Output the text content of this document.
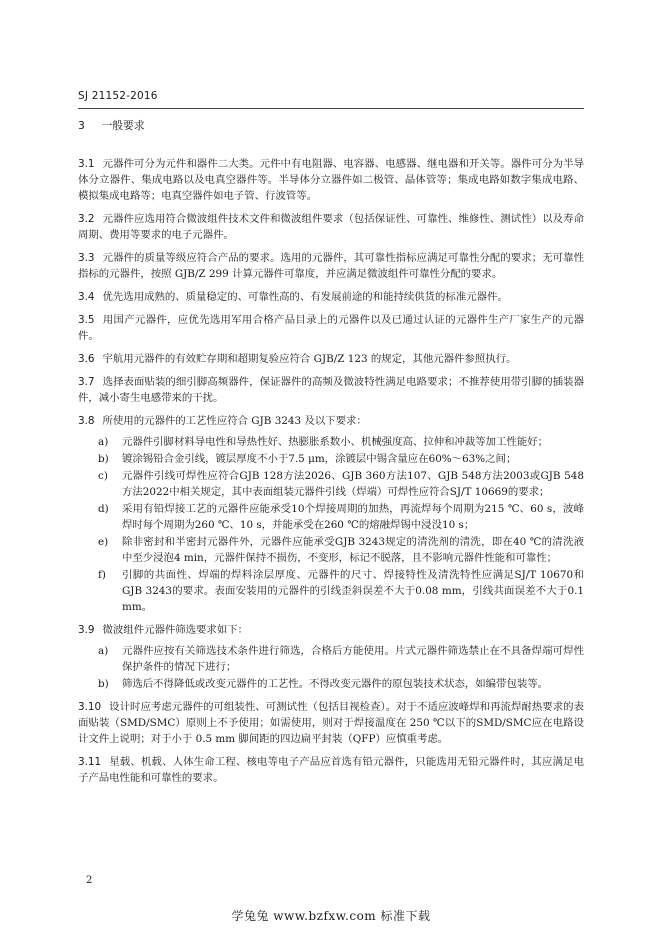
SJ 21152-2016
3 一般要求

3.1 元器件可分为元件和器件二大类。元件中有电阻器、电容器、电感器、继电器和开关等。器件可分为半导体分立器件、集成电路以及电真空器件等。半导体分立器件如二极管、晶体管等；集成电路如数字集成电路、模拟集成电路等；电真空器件如电子管、行波管等。

3.2 元器件应选用符合微波组件技术文件和微波组件要求（包括保证性、可靠性、维修性、测试性）以及寿命周期、费用等要求的电子元器件。

3.3 元器件的质量等级应符合产品的要求。选用的元器件，其可靠性指标应满足可靠性分配的要求；无可靠性指标的元器件，按照 GJB/Z 299 计算元器件可靠度，并应满足微波组件可靠性分配的要求。

3.4 优先选用成熟的、质量稳定的、可靠性高的、有发展前途的和能持续供货的标准元器件。

3.5 用国产元器件，应优先选用军用合格产品目录上的元器件以及已通过认证的元器件生产厂家生产的元器件。

3.6 宇航用元器件的有效贮存期和超期复验应符合 GJB/Z 123 的规定，其他元器件参照执行。

3.7 选择表面贴装的细引脚高频器件，保证器件的高频及微波特性满足电路要求；不推荐使用带引脚的插装器件，减小寄生电感带来的干扰。

3.8 所使用的元器件的工艺性应符合 GJB 3243 及以下要求：

a) 元器件引脚材料导电性和导热性好、热膨胀系数小、机械强度高、拉伸和冲裁等加工性能好；
b) 镀涂锡铅合金引线，镀层厚度不小于7.5 μm，涂镀层中锡含量应在60%～63%之间；
c) 元器件引线可焊性应符合GJB 128方法2026、GJB 360方法107、GJB 548方法2003或GJB 548方法2022中相关规定，其中表面组装元器件引线（焊端）可焊性应符合SJ/T 10669的要求；
d) 采用有铅焊接工艺的元器件应能承受10个焊接周期的加热，再流焊每个周期为215 ℃、60 s，波峰焊时每个周期为260 ℃、10 s，并能承受在260 ℃的熔融焊锡中浸没10 s；
e) 除非密封和半密封元器件外，元器件应能承受GJB 3243规定的清洗剂的清洗，即在40 ℃的清洗液中至少浸泡4 min，元器件保持不损伤，不变形，标记不脱落，且不影响元器件性能和可靠性；
f) 引脚的共面性、焊端的焊料涂层厚度、元器件的尺寸、焊接特性及清洗特性应满足SJ/T 10670和GJB 3243的要求。表面安装用的元器件的引线歪斜误差不大于0.08 mm，引线共面误差不大于0.1 mm。

3.9 微波组件元器件筛选要求如下：

a) 元器件应按有关筛选技术条件进行筛选，合格后方能使用。片式元器件筛选禁止在不具备焊端可焊性保护条件的情况下进行；
b) 筛选后不得降低或改变元器件的工艺性。不得改变元器件的原包装技术状态，如编带包装等。

3.10 设计时应考虑元器件的可组装性、可测试性（包括目视检查）。对于不适应波峰焊和再流焊耐热要求的表面贴装（SMD/SMC）原则上不予使用；如需使用，则对于焊接温度在 250 ℃以下的SMD/SMC应在电路设计文件上说明；对于小于 0.5 mm 脚间距的四边扁平封装（QFP）应慎重考虑。

3.11 星载、机载、人体生命工程、核电等电子产品应首选有铅元器件，只能选用无铅元器件时，其应满足电子产品电性能和可靠性的要求。

2
学兔兔 www.bzfxw.com 标准下载
